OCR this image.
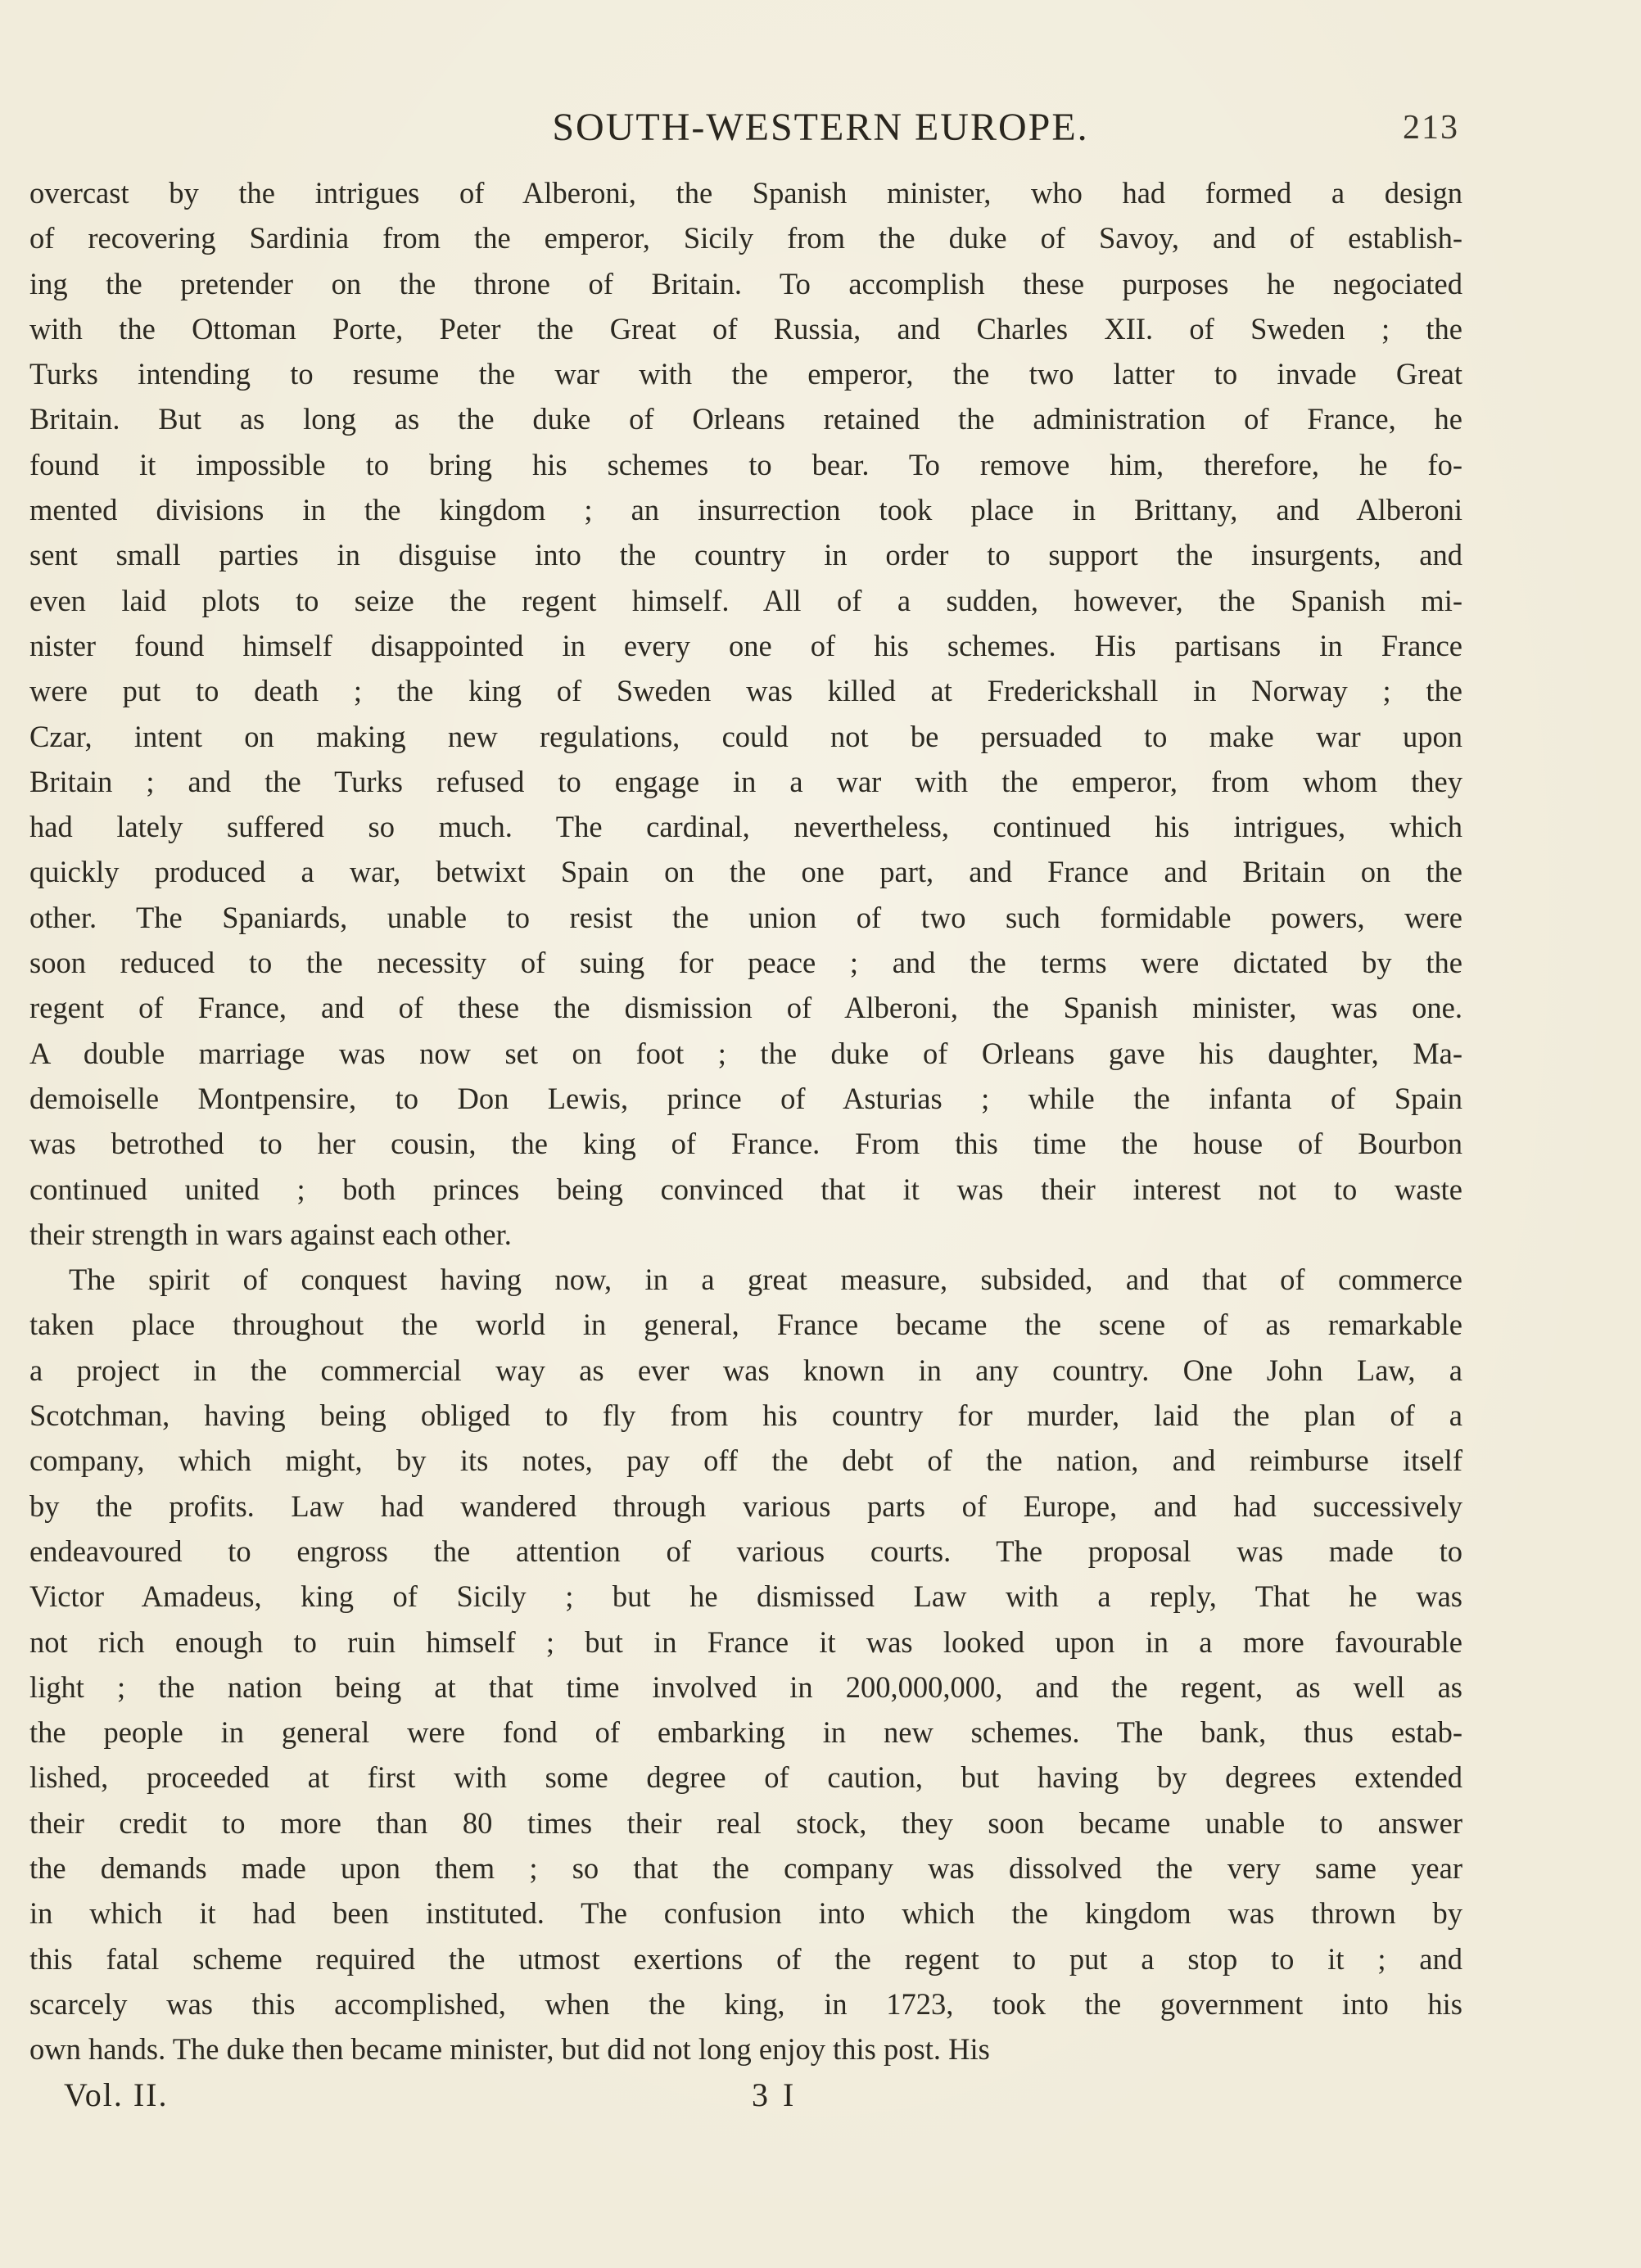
SOUTH-WESTERN EUROPE.	213
overcast by the intrigues of Alberoni, the Spanish minister, who had formed a design
of recovering Sardinia from the emperor, Sicily from the duke of Savoy, and of establish-
ing the pretender on the throne of Britain. To accomplish these purposes he negociated
with the Ottoman Porte, Peter the Great of Russia, and Charles XII. of Sweden ; the
Turks intending to resume the war with the emperor, the two latter to invade Great
Britain. But as long as the duke of Orleans retained the administration of France, he
found it impossible to bring his schemes to bear. To remove him, therefore, he fo-
mented divisions in the kingdom ; an insurrection took place in Brittany, and Alberoni
sent small parties in disguise into the country in order to support the insurgents, and
even laid plots to seize the regent himself. All of a sudden, however, the Spanish mi-
nister found himself disappointed in every one of his schemes. His partisans in France
were put to death ; the king of Sweden was killed at Frederickshall in Norway ; the
Czar, intent on making new regulations, could not be persuaded to make war upon
Britain ; and the Turks refused to engage in a war with the emperor, from whom they
had lately suffered so much. The cardinal, nevertheless, continued his intrigues, which
quickly produced a war, betwixt Spain on the one part, and France and Britain on the
other. The Spaniards, unable to resist the union of two such formidable powers, were
soon reduced to the necessity of suing for peace ; and the terms were dictated by the
regent of France, and of these the dismission of Alberoni, the Spanish minister, was one.
A double marriage was now set on foot ; the duke of Orleans gave his daughter, Ma-
demoiselle Montpensire, to Don Lewis, prince of Asturias ; while the infanta of Spain
was betrothed to her cousin, the king of France. From this time the house of Bourbon
continued united ; both princes being convinced that it was their interest not to waste
their strength in wars against each other.
The spirit of conquest having now, in a great measure, subsided, and that of commerce
taken place throughout the world in general, France became the scene of as remarkable
a project in the commercial way as ever was known in any country. One John Law, a
Scotchman, having being obliged to fly from his country for murder, laid the plan of a
company, which might, by its notes, pay off the debt of the nation, and reimburse itself
by the profits. Law had wandered through various parts of Europe, and had successively
endeavoured to engross the attention of various courts. The proposal was made to
Victor Amadeus, king of Sicily ; but he dismissed Law with a reply, That he was
not rich enough to ruin himself ; but in France it was looked upon in a more favourable
light ; the nation being at that time involved in 200,000,000, and the regent, as well as
the people in general were fond of embarking in new schemes. The bank, thus estab-
lished, proceeded at first with some degree of caution, but having by degrees extended
their credit to more than 80 times their real stock, they soon became unable to answer
the demands made upon them ; so that the company was dissolved the very same year
in which it had been instituted. The confusion into which the kingdom was thrown by
this fatal scheme required the utmost exertions of the regent to put a stop to it ; and
scarcely was this accomplished, when the king, in 1723, took the government into his
own hands. The duke then became minister, but did not long enjoy this post. His
Vol. II.	3 I
